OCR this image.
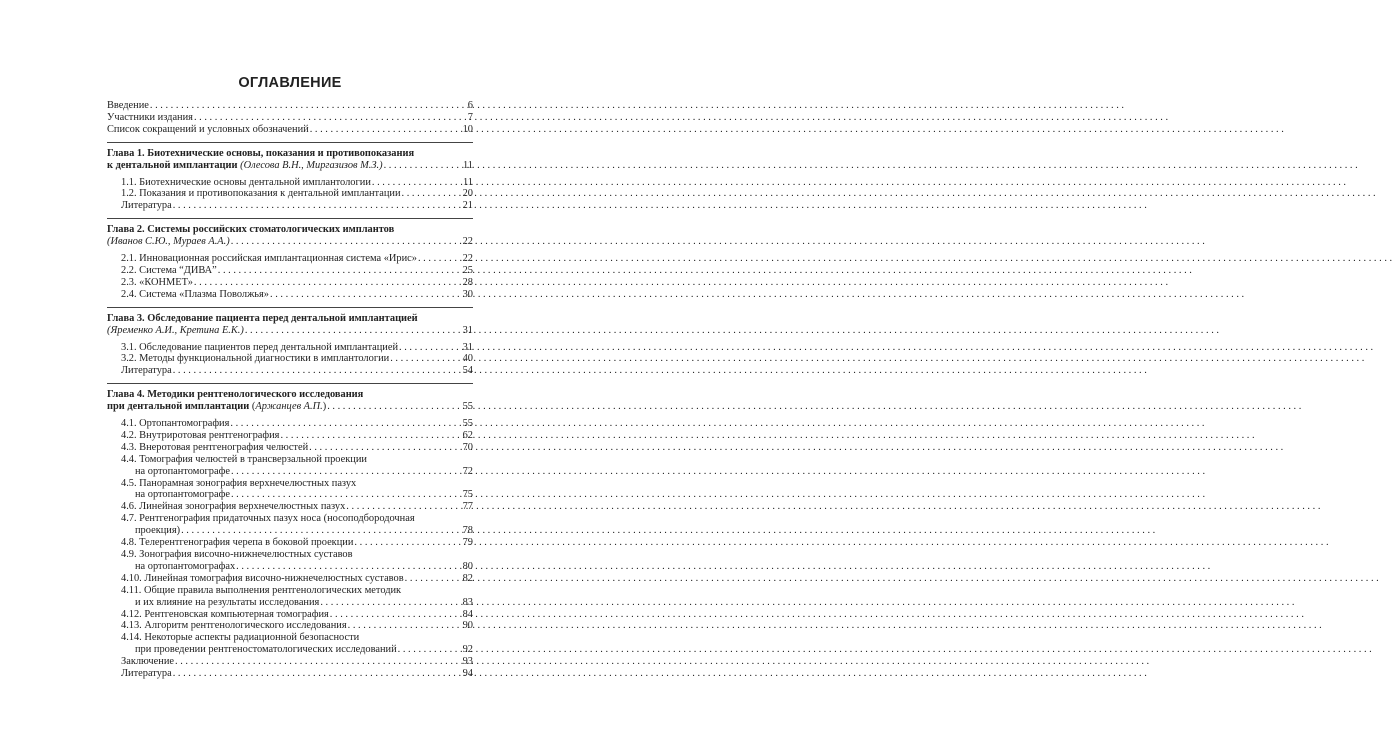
ОГЛАВЛЕНИЕ
Введение . . .	6
Участники издания . . .	7
Список сокращений и условных обозначений . . .	10
Глава 1. Биотехнические основы, показания и противопоказания
к дентальной имплантации (Олесова В.Н., Миргазизов М.З.) . . .	11
1.1. Биотехнические основы дентальной имплантологии . . .	11
1.2. Показания и противопоказания к дентальной имплантации . . .	20
Литература . . .	21
Глава 2. Системы российских стоматологических имплантов
(Иванов С.Ю., Мураев А.А.) . . .	22
2.1. Инновационная российская имплантационная система «Ирис» . . .	22
2.2. Система “ДИВА” . . .	25
2.3. «КОНМЕТ» . . .	28
2.4. Система «Плазма Поволжья» . . .	30
Глава 3. Обследование пациента перед дентальной имплантацией
(Яременко А.И., Кретина Е.К.) . . .	31
3.1. Обследование пациентов перед дентальной имплантацией . . .	31
3.2. Методы функциональной диагностики в имплантологии . . .	40
Литература . . .	54
Глава 4. Методики рентгенологического исследования
при дентальной имплантации (Аржанцев А.П.) . . .	55
4.1. Ортопантомография . . .	55
4.2. Внутриротовая рентгенография . . .	62
4.3. Внеротовая рентгенография челюстей . . .	70
4.4. Томография челюстей в трансверзальной проекции
на ортопантомографе . . .	72
4.5. Панорамная зонография верхнечелюстных пазух
на ортопантомографе . . .	75
4.6. Линейная зонография верхнечелюстных пазух . . .	77
4.7. Рентгенография придаточных пазух носа (носоподбородочная
проекция) . . .	78
4.8. Телерентгенография черепа в боковой проекции . . .	79
4.9. Зонография височно-нижнечелюстных суставов
на ортопантомографах . . .	80
4.10. Линейная томография височно-нижнечелюстных суставов . . .	82
4.11. Общие правила выполнения рентгенологических методик
и их влияние на результаты исследования . . .	83
4.12. Рентгеновская компьютерная томография . . .	84
4.13. Алгоритм рентгенологического исследования . . .	90
4.14. Некоторые аспекты радиационной безопасности
при проведении рентгеностоматологических исследований . . .	92
Заключение . . .	93
Литература . . .	94
